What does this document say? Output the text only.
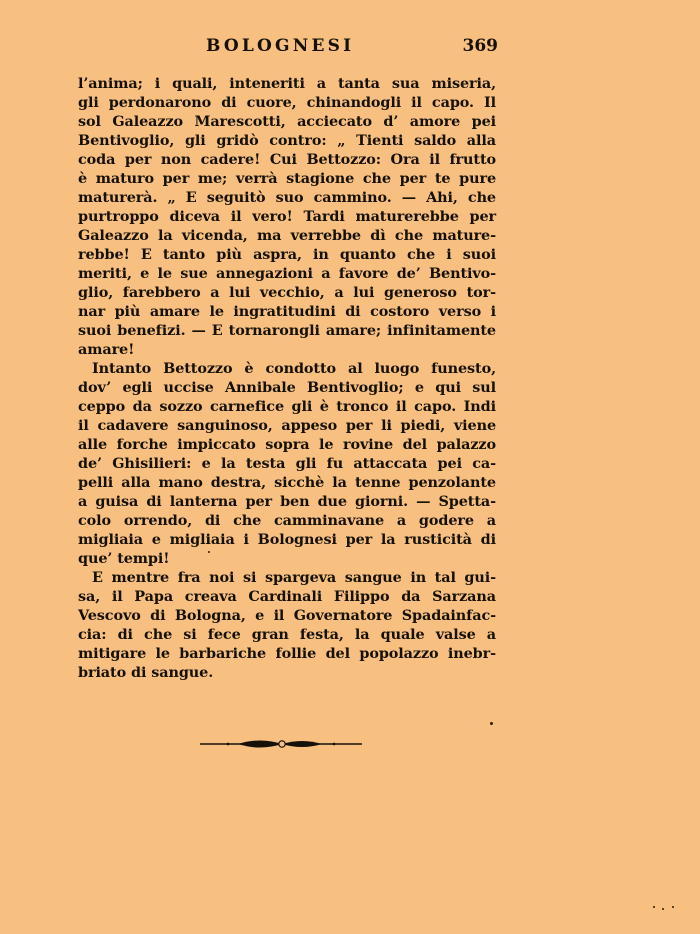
BOLOGNESI	369
l’anima; i quali, inteneriti a tanta sua miseria,
gli perdonarono di cuore, chinandogli il capo. Il
sol Galeazzo Marescotti, acciecato d’ amore pei
Bentivoglio, gli gridò contro: „ Tienti saldo alla
coda per non cadere! Cui Bettozzo: Ora il frutto
è maturo per me; verrà stagione che per te pure
maturerà. „ E seguitò suo cammino. — Ahi, che
purtroppo diceva il vero! Tardi maturerebbe per
Galeazzo la vicenda, ma verrebbe dì che mature-
rebbe! E tanto più aspra, in quanto che i suoi
meriti, e le sue annegazioni a favore de’ Bentivo-
glio, farebbero a lui vecchio, a lui generoso tor-
nar più amare le ingratitudini di costoro verso i
suoi benefizi. — E tornarongli amare; infinitamente
amare!
Intanto Bettozzo è condotto al luogo funesto,
dov’ egli uccise Annibale Bentivoglio; e qui sul
ceppo da sozzo carnefice gli è tronco il capo. Indi
il cadavere sanguinoso, appeso per li piedi, viene
alle forche impiccato sopra le rovine del palazzo
de’ Ghisilieri: e la testa gli fu attaccata pei ca-
pelli alla mano destra, sicchè la tenne penzolante
a guisa di lanterna per ben due giorni. — Spetta-
colo orrendo, di che camminavane a godere a
migliaia e migliaia i Bolognesi per la rusticità di
que’ tempi!
E mentre fra noi si spargeva sangue in tal gui-
sa, il Papa creava Cardinali Filippo da Sarzana
Vescovo di Bologna, e il Governatore Spadainfac-
cia: di che si fece gran festa, la quale valse a
mitigare le barbariche follie del popolazzo inebr-
briato di sangue.
